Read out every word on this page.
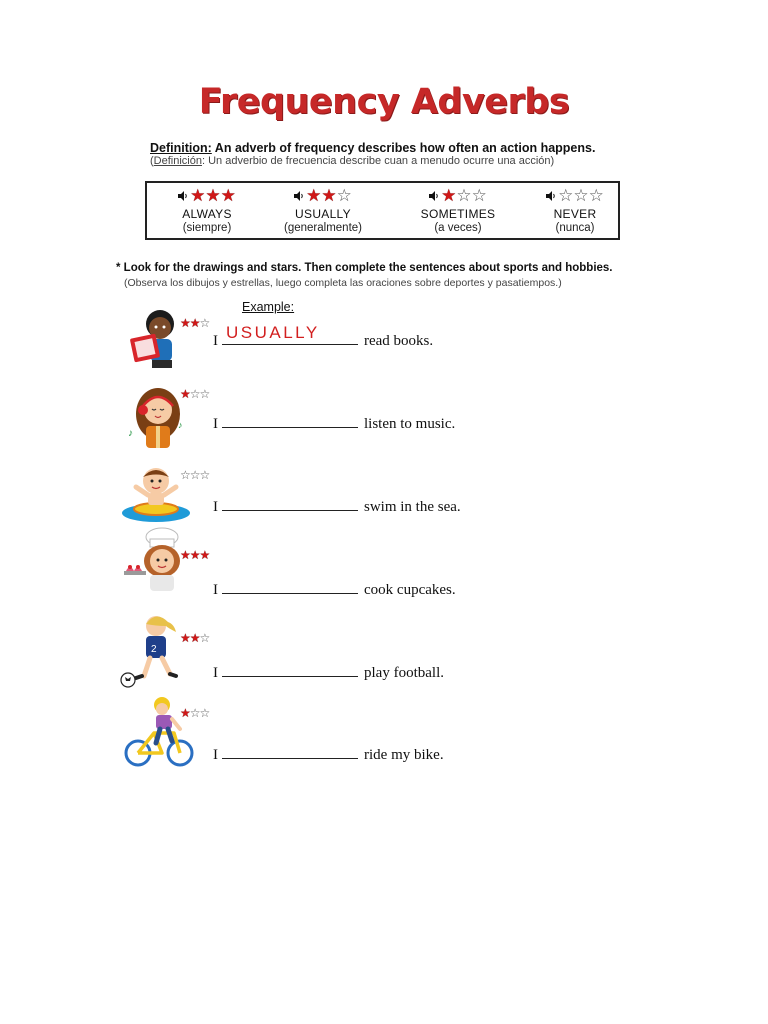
Frequency Adverbs
Definition: An adverb of frequency describes how often an action happens.
(Definición: Un adverbio de frecuencia describe cuan a menudo ocurre una acción)
★★★
ALWAYS
(siempre)
★★☆
USUALLY
(generalmente)
★☆☆
SOMETIMES
(a veces)
☆☆☆
NEVER
(nunca)
* Look for the drawings and stars. Then complete the sentences about sports and hobbies.
(Observa los dibujos y estrellas, luego completa las oraciones sobre deportes y pasatiempos.)
Example:
★★☆
I USUALLY	read books.
♪
♪
★☆☆
I	listen to music.
☆☆☆
I	swim in the sea.
★★★
I	cook cupcakes.
2
★★☆
I	play football.
★☆☆
I	ride my bike.
